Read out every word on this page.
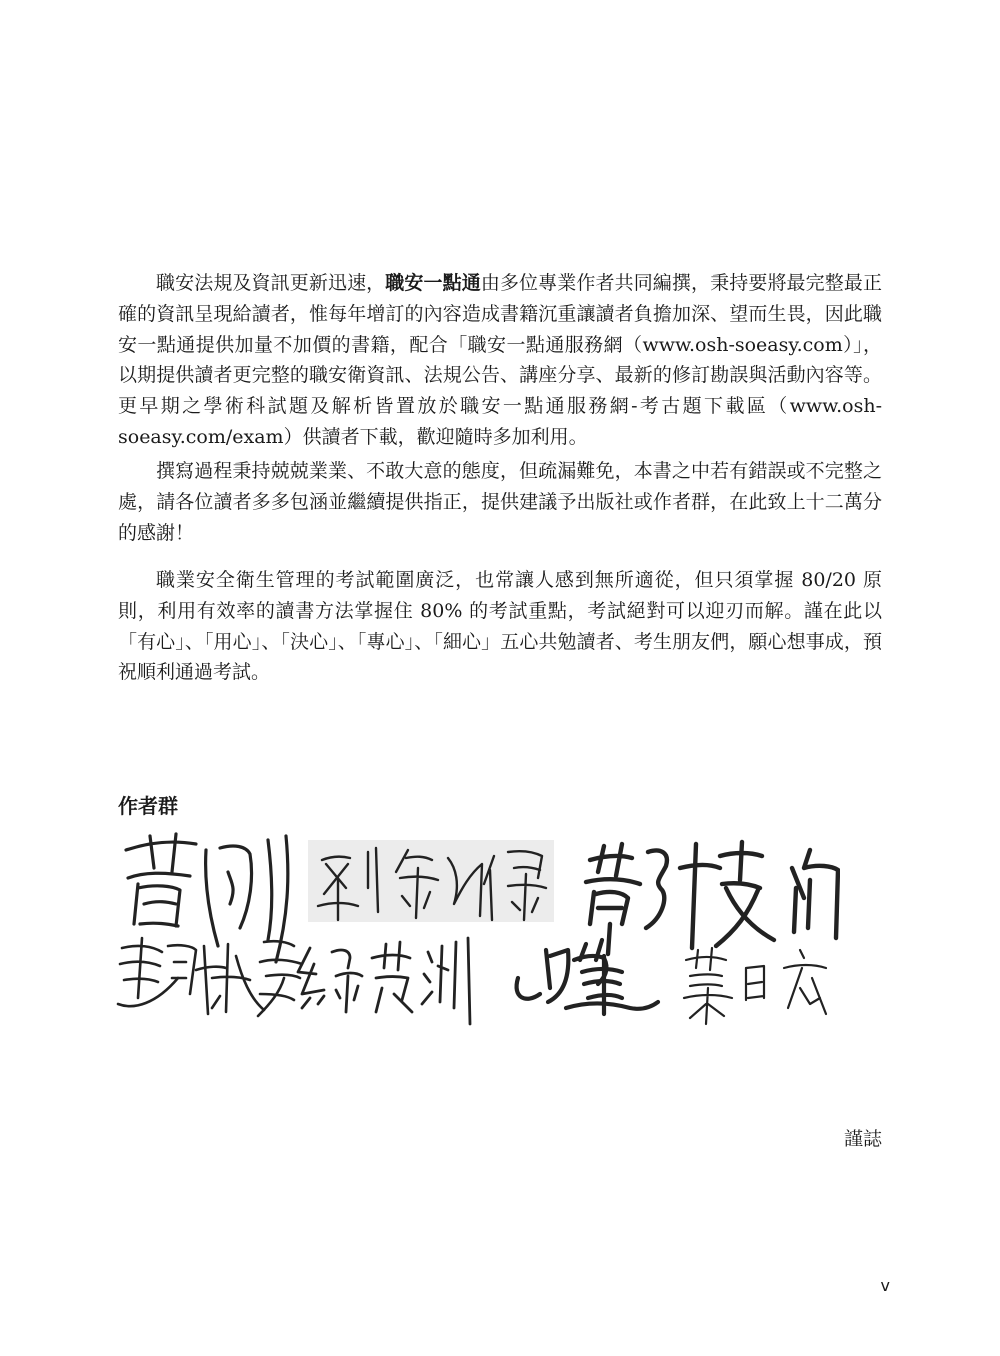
職安法規及資訊更新迅速，職安一點通由多位專業作者共同編撰，秉持要將最完整最正確的資訊呈現給讀者，惟每年增訂的內容造成書籍沉重讓讀者負擔加深、望而生畏，因此職安一點通提供加量不加價的書籍，配合「職安一點通服務網（www.osh-soeasy.com）」，以期提供讀者更完整的職安衛資訊、法規公告、講座分享、最新的修訂勘誤與活動內容等。更早期之學術科試題及解析皆置放於職安一點通服務網-考古題下載區（www.osh-soeasy.com/exam）供讀者下載，歡迎隨時多加利用。

撰寫過程秉持兢兢業業、不敢大意的態度，但疏漏難免，本書之中若有錯誤或不完整之處，請各位讀者多多包涵並繼續提供指正，提供建議予出版社或作者群，在此致上十二萬分的感謝！

職業安全衛生管理的考試範圍廣泛，也常讓人感到無所適從，但只須掌握 80/20 原則，利用有效率的讀書方法掌握住 80% 的考試重點，考試絕對可以迎刃而解。謹在此以「有心」、「用心」、「決心」、「專心」、「細心」五心共勉讀者、考生朋友們，願心想事成，預祝順利通過考試。

作者群
謹誌
v
